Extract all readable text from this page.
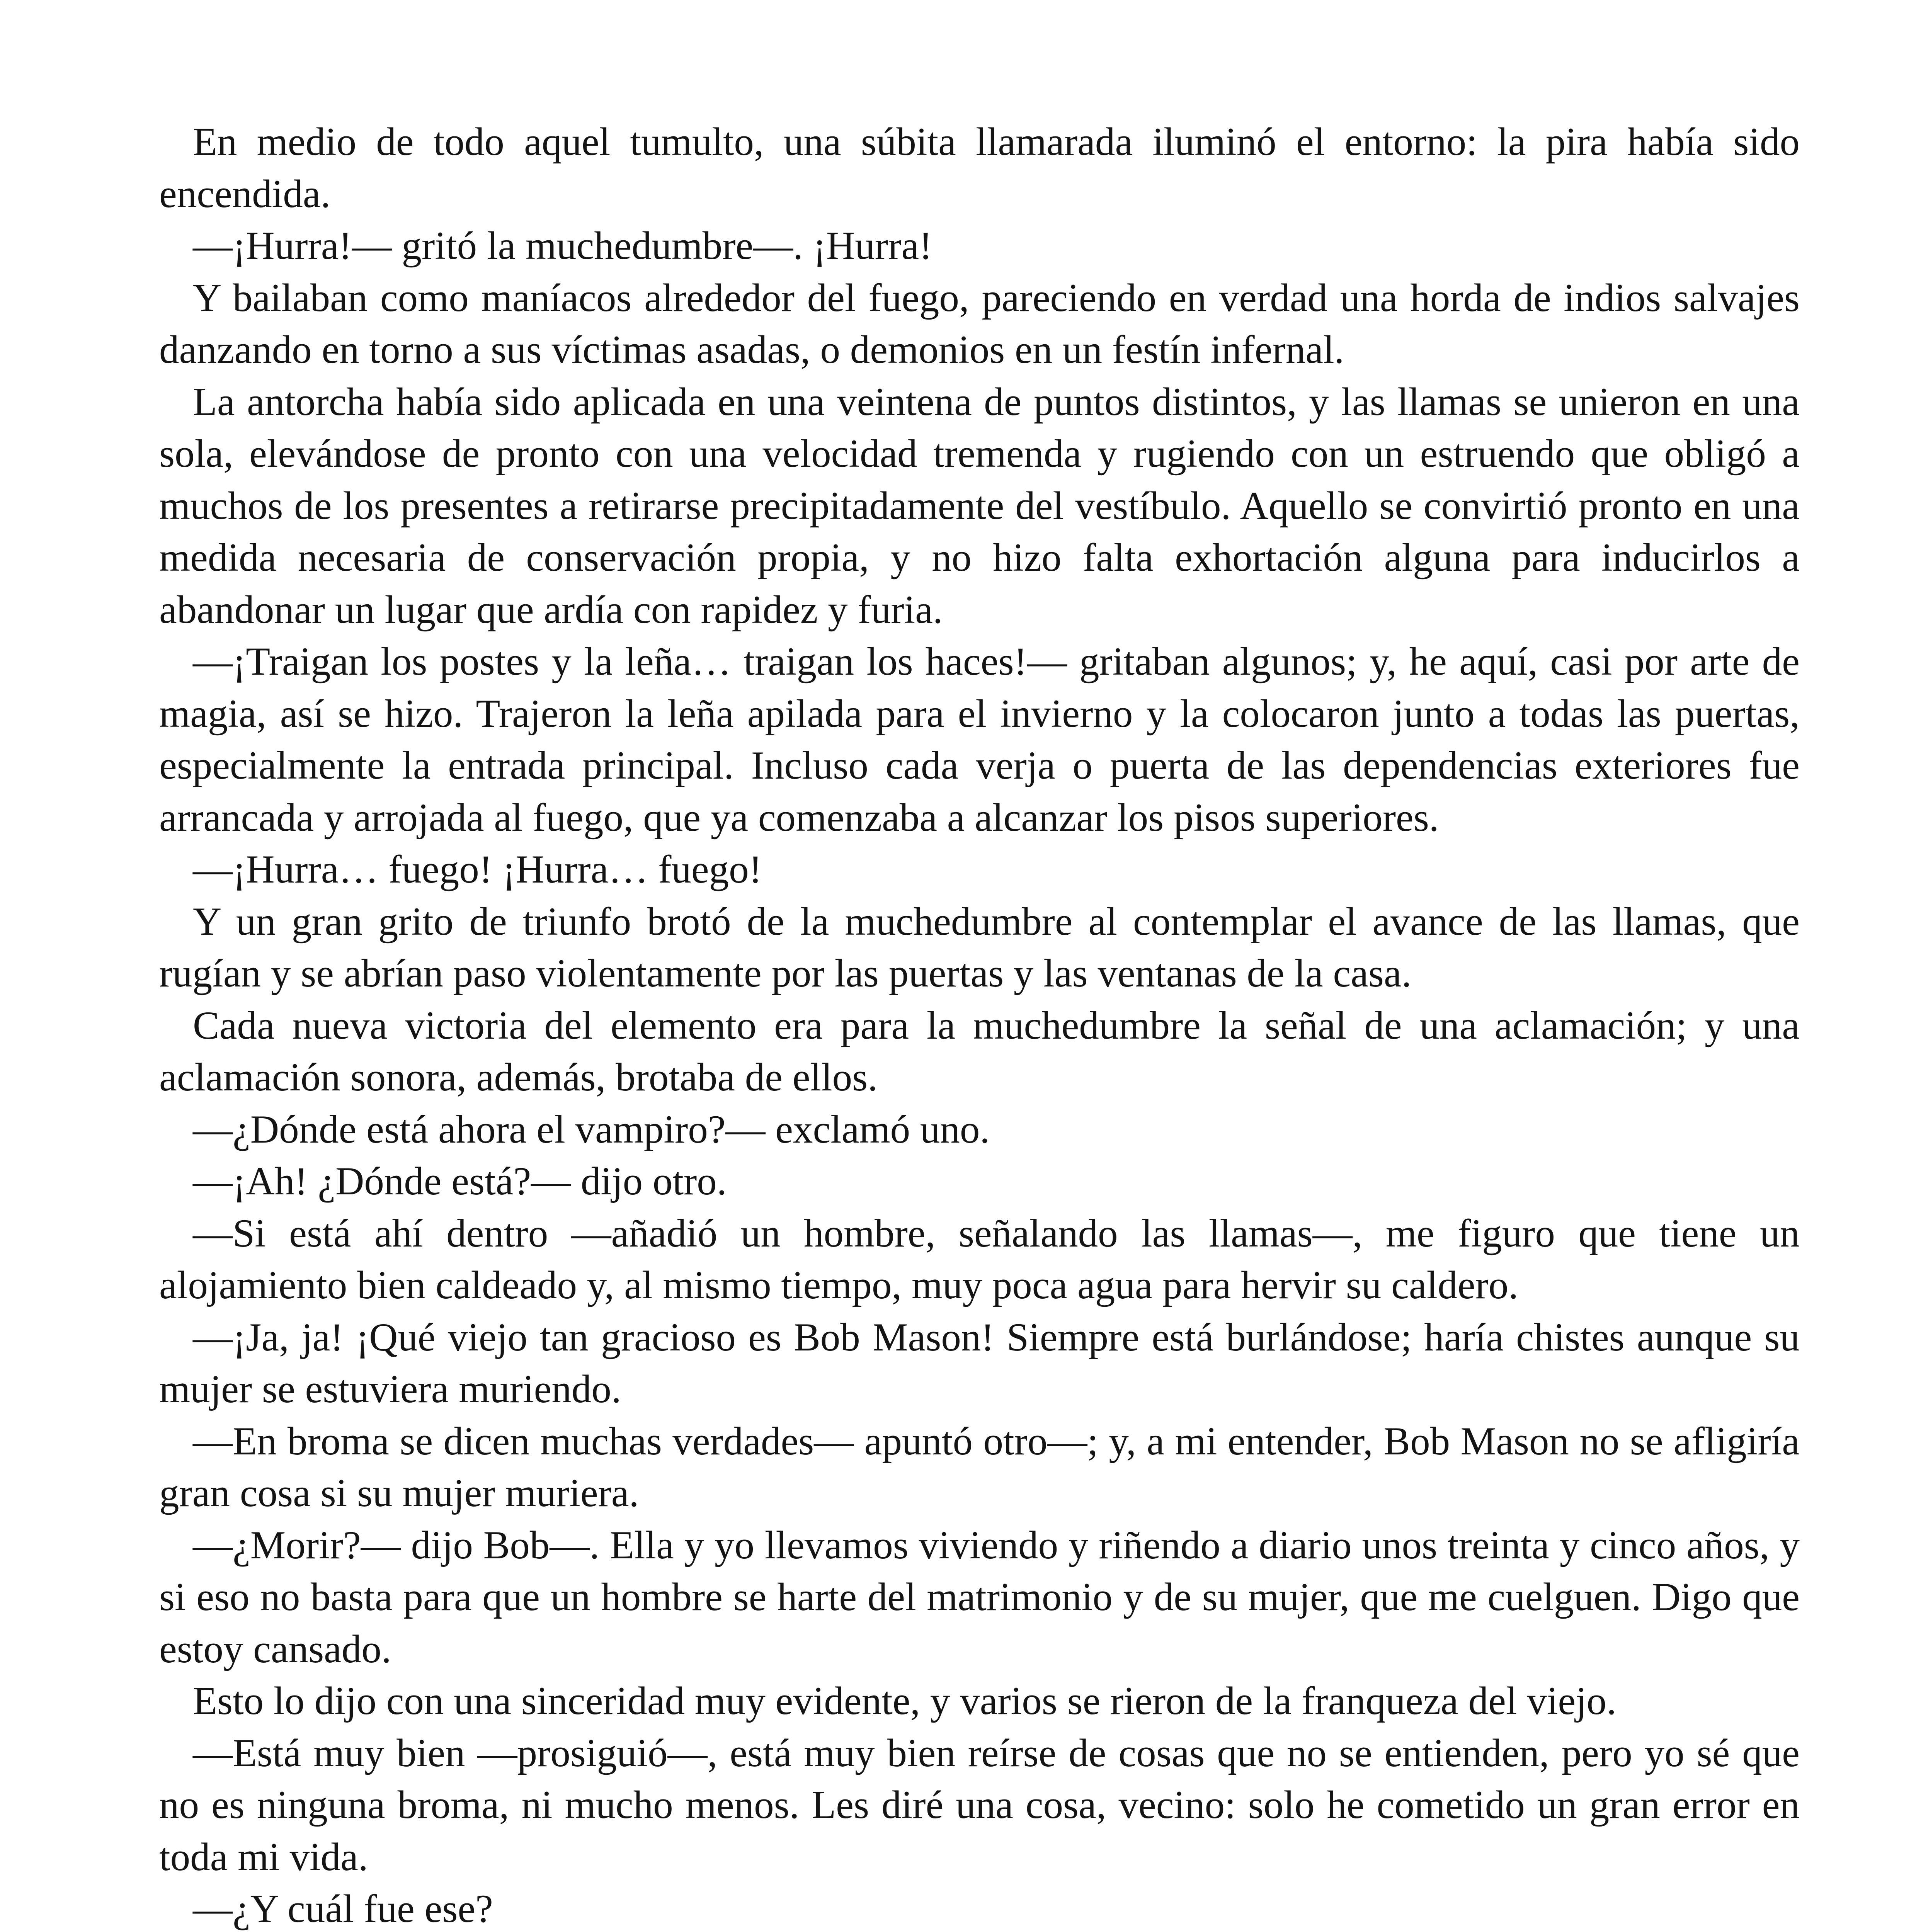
En medio de todo aquel tumulto, una súbita llamarada iluminó el entorno: la pira había sido encendida.

—¡Hurra!— gritó la muchedumbre—. ¡Hurra!

Y bailaban como maníacos alrededor del fuego, pareciendo en verdad una horda de indios salvajes danzando en torno a sus víctimas asadas, o demonios en un festín infernal.

La antorcha había sido aplicada en una veintena de puntos distintos, y las llamas se unieron en una sola, elevándose de pronto con una velocidad tremenda y rugiendo con un estruendo que obligó a muchos de los presentes a retirarse precipitadamente del vestíbulo. Aquello se convirtió pronto en una medida necesaria de conservación propia, y no hizo falta exhortación alguna para inducirlos a abandonar un lugar que ardía con rapidez y furia.

—¡Traigan los postes y la leña… traigan los haces!— gritaban algunos; y, he aquí, casi por arte de magia, así se hizo. Trajeron la leña apilada para el invierno y la colocaron junto a todas las puertas, especialmente la entrada principal. Incluso cada verja o puerta de las dependencias exteriores fue arrancada y arrojada al fuego, que ya comenzaba a alcanzar los pisos superiores.

—¡Hurra… fuego! ¡Hurra… fuego!

Y un gran grito de triunfo brotó de la muchedumbre al contemplar el avance de las llamas, que rugían y se abrían paso violentamente por las puertas y las ventanas de la casa.

Cada nueva victoria del elemento era para la muchedumbre la señal de una aclamación; y una aclamación sonora, además, brotaba de ellos.

—¿Dónde está ahora el vampiro?— exclamó uno.

—¡Ah! ¿Dónde está?— dijo otro.

—Si está ahí dentro —añadió un hombre, señalando las llamas—, me figuro que tiene un alojamiento bien caldeado y, al mismo tiempo, muy poca agua para hervir su caldero.

—¡Ja, ja! ¡Qué viejo tan gracioso es Bob Mason! Siempre está burlándose; haría chistes aunque su mujer se estuviera muriendo.

—En broma se dicen muchas verdades— apuntó otro—; y, a mi entender, Bob Mason no se afligiría gran cosa si su mujer muriera.

—¿Morir?— dijo Bob—. Ella y yo llevamos viviendo y riñendo a diario unos treinta y cinco años, y si eso no basta para que un hombre se harte del matrimonio y de su mujer, que me cuelguen. Digo que estoy cansado.

Esto lo dijo con una sinceridad muy evidente, y varios se rieron de la franqueza del viejo.

—Está muy bien —prosiguió—, está muy bien reírse de cosas que no se entienden, pero yo sé que no es ninguna broma, ni mucho menos. Les diré una cosa, vecino: solo he cometido un gran error en toda mi vida.

—¿Y cuál fue ese?
